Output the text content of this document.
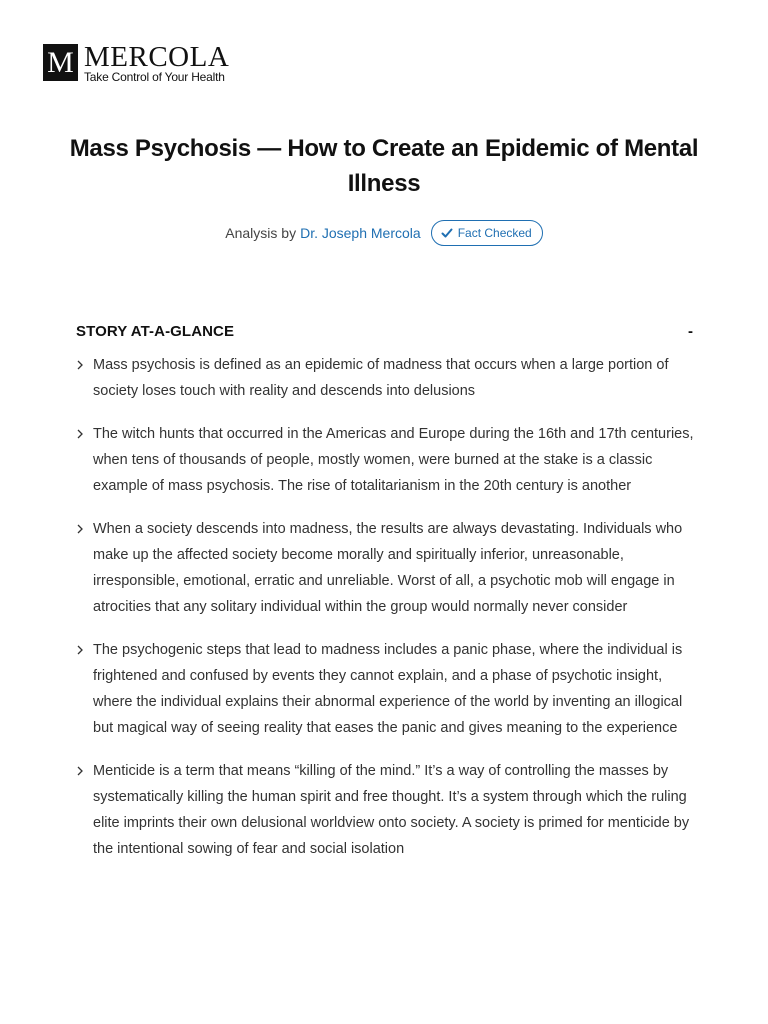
M MERCOLA
Take Control of Your Health
Mass Psychosis — How to Create an Epidemic of Mental Illness
Analysis by Dr. Joseph Mercola	Fact Checked
STORY AT-A-GLANCE	-
Mass psychosis is defined as an epidemic of madness that occurs when a large portion of society loses touch with reality and descends into delusions
The witch hunts that occurred in the Americas and Europe during the 16th and 17th centuries, when tens of thousands of people, mostly women, were burned at the stake is a classic example of mass psychosis. The rise of totalitarianism in the 20th century is another
When a society descends into madness, the results are always devastating. Individuals who make up the affected society become morally and spiritually inferior, unreasonable, irresponsible, emotional, erratic and unreliable. Worst of all, a psychotic mob will engage in atrocities that any solitary individual within the group would normally never consider
The psychogenic steps that lead to madness includes a panic phase, where the individual is frightened and confused by events they cannot explain, and a phase of psychotic insight, where the individual explains their abnormal experience of the world by inventing an illogical but magical way of seeing reality that eases the panic and gives meaning to the experience
Menticide is a term that means “killing of the mind.” It’s a way of controlling the masses by systematically killing the human spirit and free thought. It’s a system through which the ruling elite imprints their own delusional worldview onto society. A society is primed for menticide by the intentional sowing of fear and social isolation
